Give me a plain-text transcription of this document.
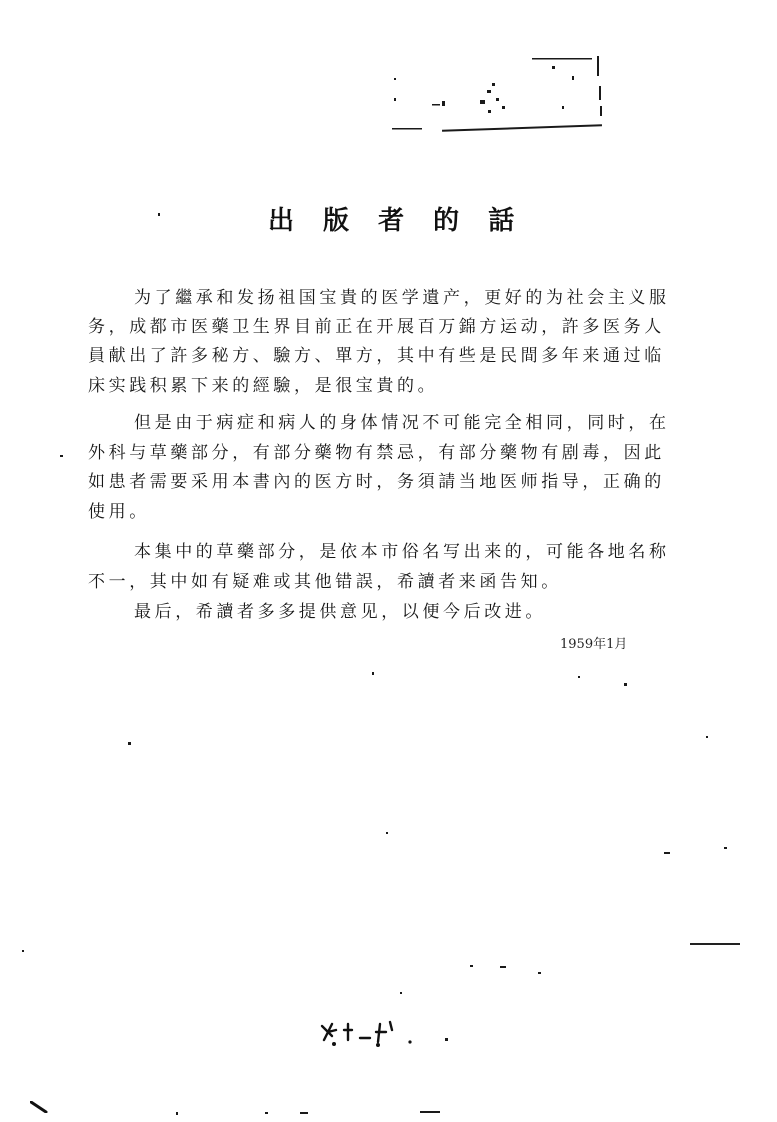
出 版 者 的 話
为了繼承和发扬祖国宝貴的医学遺产，更好的为社会主义服
务，成都市医藥卫生界目前正在开展百万錦方运动，許多医务人
員献出了許多秘方、驗方、單方，其中有些是民間多年来通过临
床实践积累下来的經驗，是很宝貴的。
但是由于病症和病人的身体情况不可能完全相同，同时，在
外科与草藥部分，有部分藥物有禁忌，有部分藥物有剧毒，因此
如患者需要采用本書內的医方时，务須請当地医师指导，正确的
使用。
本集中的草藥部分，是依本市俗名写出来的，可能各地名称
不一，其中如有疑难或其他错誤，希讀者来函告知。
最后，希讀者多多提供意见，以便今后改进。
1959年1月
